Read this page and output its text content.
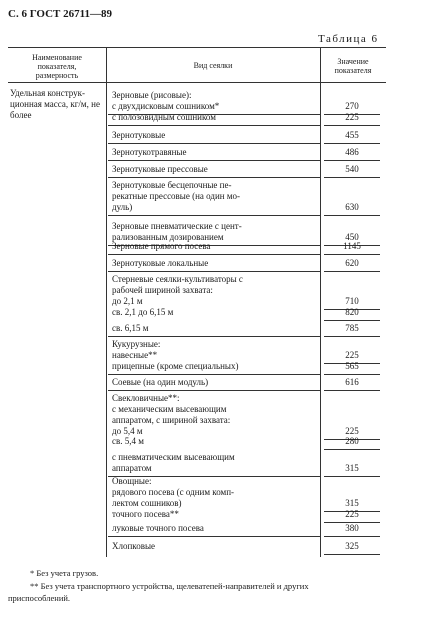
С. 6 ГОСТ 26711—89
Таблица 6
Наименование
показателя,
размерность
Вид сеялки	Значение
показателя
Удельная конструк-
ционная масса, кг/м, не
более
Зерновые (рисовые):
с двухдисковым сошником*	270
с полозовидным сошником	225
Зернотуковые	455
Зернотукотравяные	486
Зернотуковые прессовые	540
Зернотуковые бесцепочные пе-
рекатные прессовые (на один мо-
дуль)	630
Зерновые пневматические с цент-
рализованным дозированием	450
Зерновые прямого посева	1145
Зернотуковые локальные	620
Стерневые сеялки-культиваторы с
рабочей шириной захвата:
до 2,1 м	710
св. 2,1 до 6,15 м	820
св. 6,15 м	785
Кукурузные:
навесные**	225
прицепные (кроме специальных)	565
Соевые (на один модуль)	616
Свекловичные**:
с механическим высевающим
аппаратом, с шириной захвата:
до 5,4 м	225
св. 5,4 м	280
с пневматическим высевающим
аппаратом	315
Овощные:
рядового посева (с одним комп-
лектом сошников)	315
точного посева**	225
луковые точного посева	380
Хлопковые	325
* Без учета грузов.
** Без учета транспортного устройства, щелеватепей-направителей и других
приспособлений.
